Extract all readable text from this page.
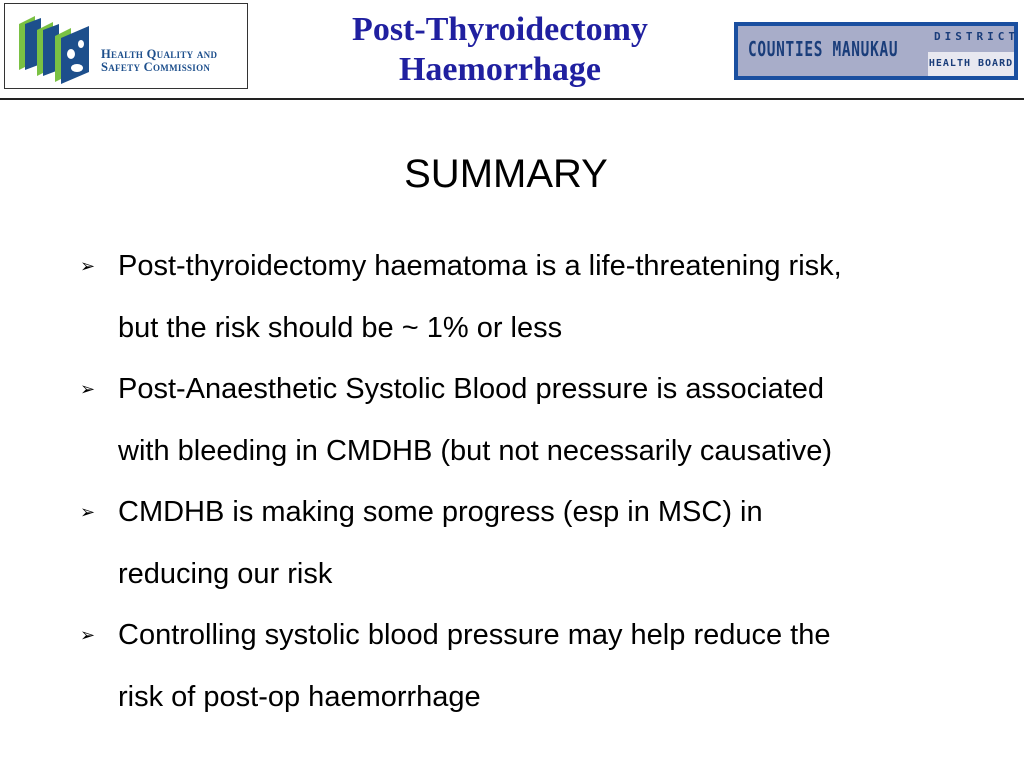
Health Quality and
Safety Commission
Post-Thyroidectomy
Haemorrhage
COUNTIES MANUKAU
DISTRICT
HEALTH BOARD
SUMMARY
➢ Post-thyroidectomy haematoma is a life-threatening risk,
but the risk should be ~ 1% or less
➢ Post-Anaesthetic Systolic Blood pressure is associated
with bleeding in CMDHB (but not necessarily causative)
➢ CMDHB is making some progress (esp in MSC) in
reducing our risk
➢ Controlling systolic blood pressure may help reduce the
risk of post-op haemorrhage
